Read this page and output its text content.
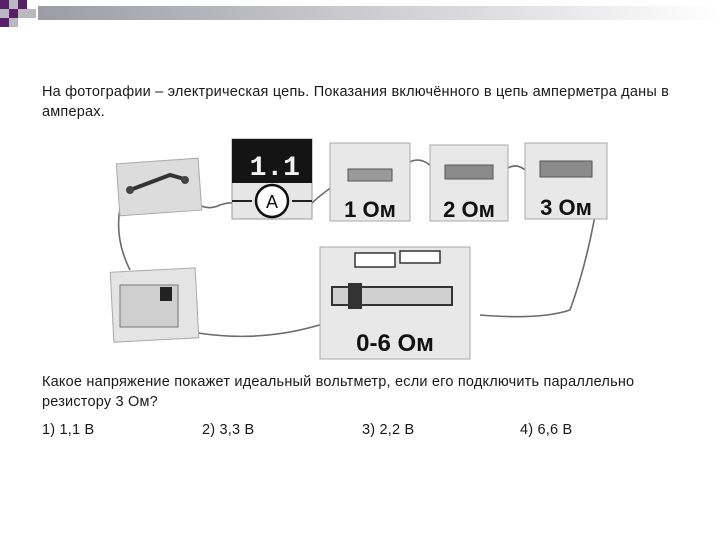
На фотографии – электрическая цепь. Показания включённого в цепь амперметра даны в амперах.
1.1
A	1 Ом 2 Ом 3 Ом
0-6 Ом
Какое напряжение покажет идеальный вольтметр, если его подключить параллельно резистору 3 Ом?
1) 1,1 В	2) 3,3 В	3) 2,2 В	4) 6,6 В
